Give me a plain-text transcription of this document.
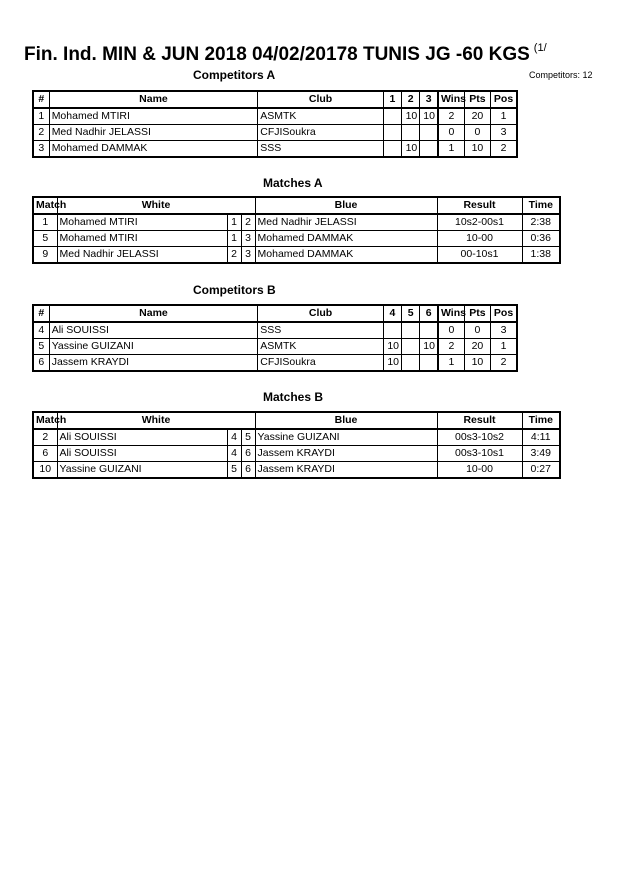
Fin. Ind. MIN & JUN 2018 04/02/20178 TUNIS JG -60 KGS $^{(1/}$
Competitors: 12
Competitors A
#	Name	Club	1	2	3	Wins	Pts	Pos
1	Mohamed MTIRI	ASMTK		10	10	2	20	1
2	Med Nadhir JELASSI	CFJISoukra				0	0	3
3	Mohamed DAMMAK	SSS		10		1	10	2
Matches A
Match	White			Blue	Result	Time
1	Mohamed MTIRI	1	2	Med Nadhir JELASSI	10s2-00s1	2:38
5	Mohamed MTIRI	1	3	Mohamed DAMMAK	10-00	0:36
9	Med Nadhir JELASSI	2	3	Mohamed DAMMAK	00-10s1	1:38
Competitors B
#	Name	Club	4	5	6	Wins	Pts	Pos
4	Ali SOUISSI	SSS				0	0	3
5	Yassine GUIZANI	ASMTK	10		10	2	20	1
6	Jassem KRAYDI	CFJISoukra	10			1	10	2
Matches B
Match	White			Blue	Result	Time
2	Ali SOUISSI	4	5	Yassine GUIZANI	00s3-10s2	4:11
6	Ali SOUISSI	4	6	Jassem KRAYDI	00s3-10s1	3:49
10	Yassine GUIZANI	5	6	Jassem KRAYDI	10-00	0:27
